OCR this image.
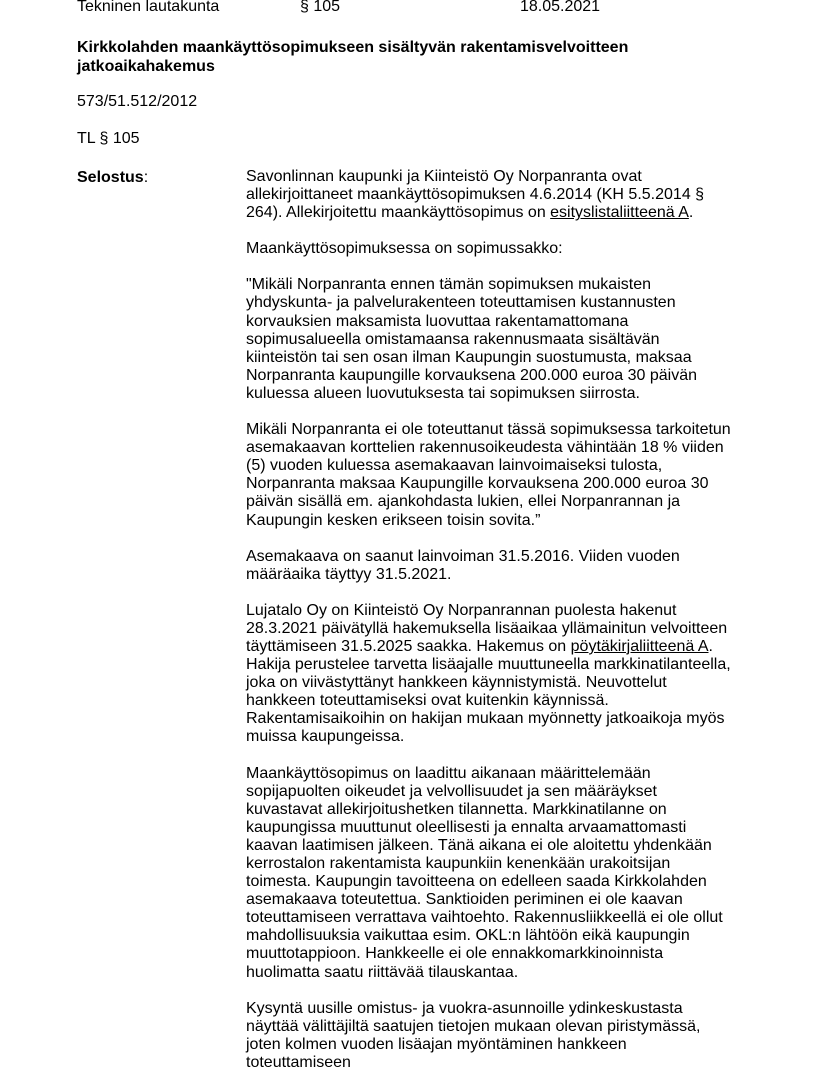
Tekninen lautakunta	§ 105	18.05.2021
Kirkkolahden maankäyttösopimukseen sisältyvän rakentamisvelvoitteen jatkoaikahakemus
573/51.512/2012
TL § 105
Selostus:	Savonlinnan kaupunki ja Kiinteistö Oy Norpanranta ovat allekirjoittaneet maankäyttösopimuksen 4.6.2014 (KH 5.5.2014 § 264). Allekirjoitettu maankäyttösopimus on esityslistaliitteenä A.

Maankäyttösopimuksessa on sopimussakko:

"Mikäli Norpanranta ennen tämän sopimuksen mukaisten yhdyskunta- ja palvelurakenteen toteuttamisen kustannusten korvauksien maksamista luovuttaa rakentamattomana sopimusalueella omistamaansa rakennusmaata sisältävän kiinteistön tai sen osan ilman Kaupungin suostumusta, maksaa Norpanranta kaupungille korvauksena 200.000 euroa 30 päivän kuluessa alueen luovutuksesta tai sopimuksen siirrosta.

Mikäli Norpanranta ei ole toteuttanut tässä sopimuksessa tarkoitetun asemakaavan korttelien rakennusoikeudesta vähintään 18 % viiden (5) vuoden kuluessa asemakaavan lainvoimaiseksi tulosta, Norpanranta maksaa Kaupungille korvauksena 200.000 euroa 30 päivän sisällä em. ajankohdasta lukien, ellei Norpanrannan ja Kaupungin kesken erikseen toisin sovita.”

Asemakaava on saanut lainvoiman 31.5.2016. Viiden vuoden määräaika täyttyy 31.5.2021.

Lujatalo Oy on Kiinteistö Oy Norpanrannan puolesta hakenut 28.3.2021 päivätyllä hakemuksella lisäaikaa yllämainitun velvoitteen täyttämiseen 31.5.2025 saakka. Hakemus on pöytäkirjaliitteenä A. Hakija perustelee tarvetta lisäajalle muuttuneella markkinatilanteella, joka on viivästyttänyt hankkeen käynnistymistä. Neuvottelut hankkeen toteuttamiseksi ovat kuitenkin käynnissä. Rakentamisaikoihin on hakijan mukaan myönnetty jatkoaikoja myös muissa kaupungeissa.

Maankäyttösopimus on laadittu aikanaan määrittelemään sopijapuolten oikeudet ja velvollisuudet ja sen määräykset kuvastavat allekirjoitushetken tilannetta. Markkinatilanne on kaupungissa muuttunut oleellisesti ja ennalta arvaamattomasti kaavan laatimisen jälkeen. Tänä aikana ei ole aloitettu yhdenkään kerrostalon rakentamista kaupunkiin kenenkään urakoitsijan toimesta. Kaupungin tavoitteena on edelleen saada Kirkkolahden asemakaava toteutettua. Sanktioiden periminen ei ole kaavan toteuttamiseen verrattava vaihtoehto. Rakennusliikkeellä ei ole ollut mahdollisuuksia vaikuttaa esim. OKL:n lähtöön eikä kaupungin muuttotappioon. Hankkeelle ei ole ennakkomarkkinoinnista huolimatta saatu riittävää tilauskantaa.

Kysyntä uusille omistus- ja vuokra-asunnoille ydinkeskustasta näyttää välittäjiltä saatujen tietojen mukaan olevan piristymässä, joten kolmen vuoden lisäajan myöntäminen hankkeen toteuttamiseen
